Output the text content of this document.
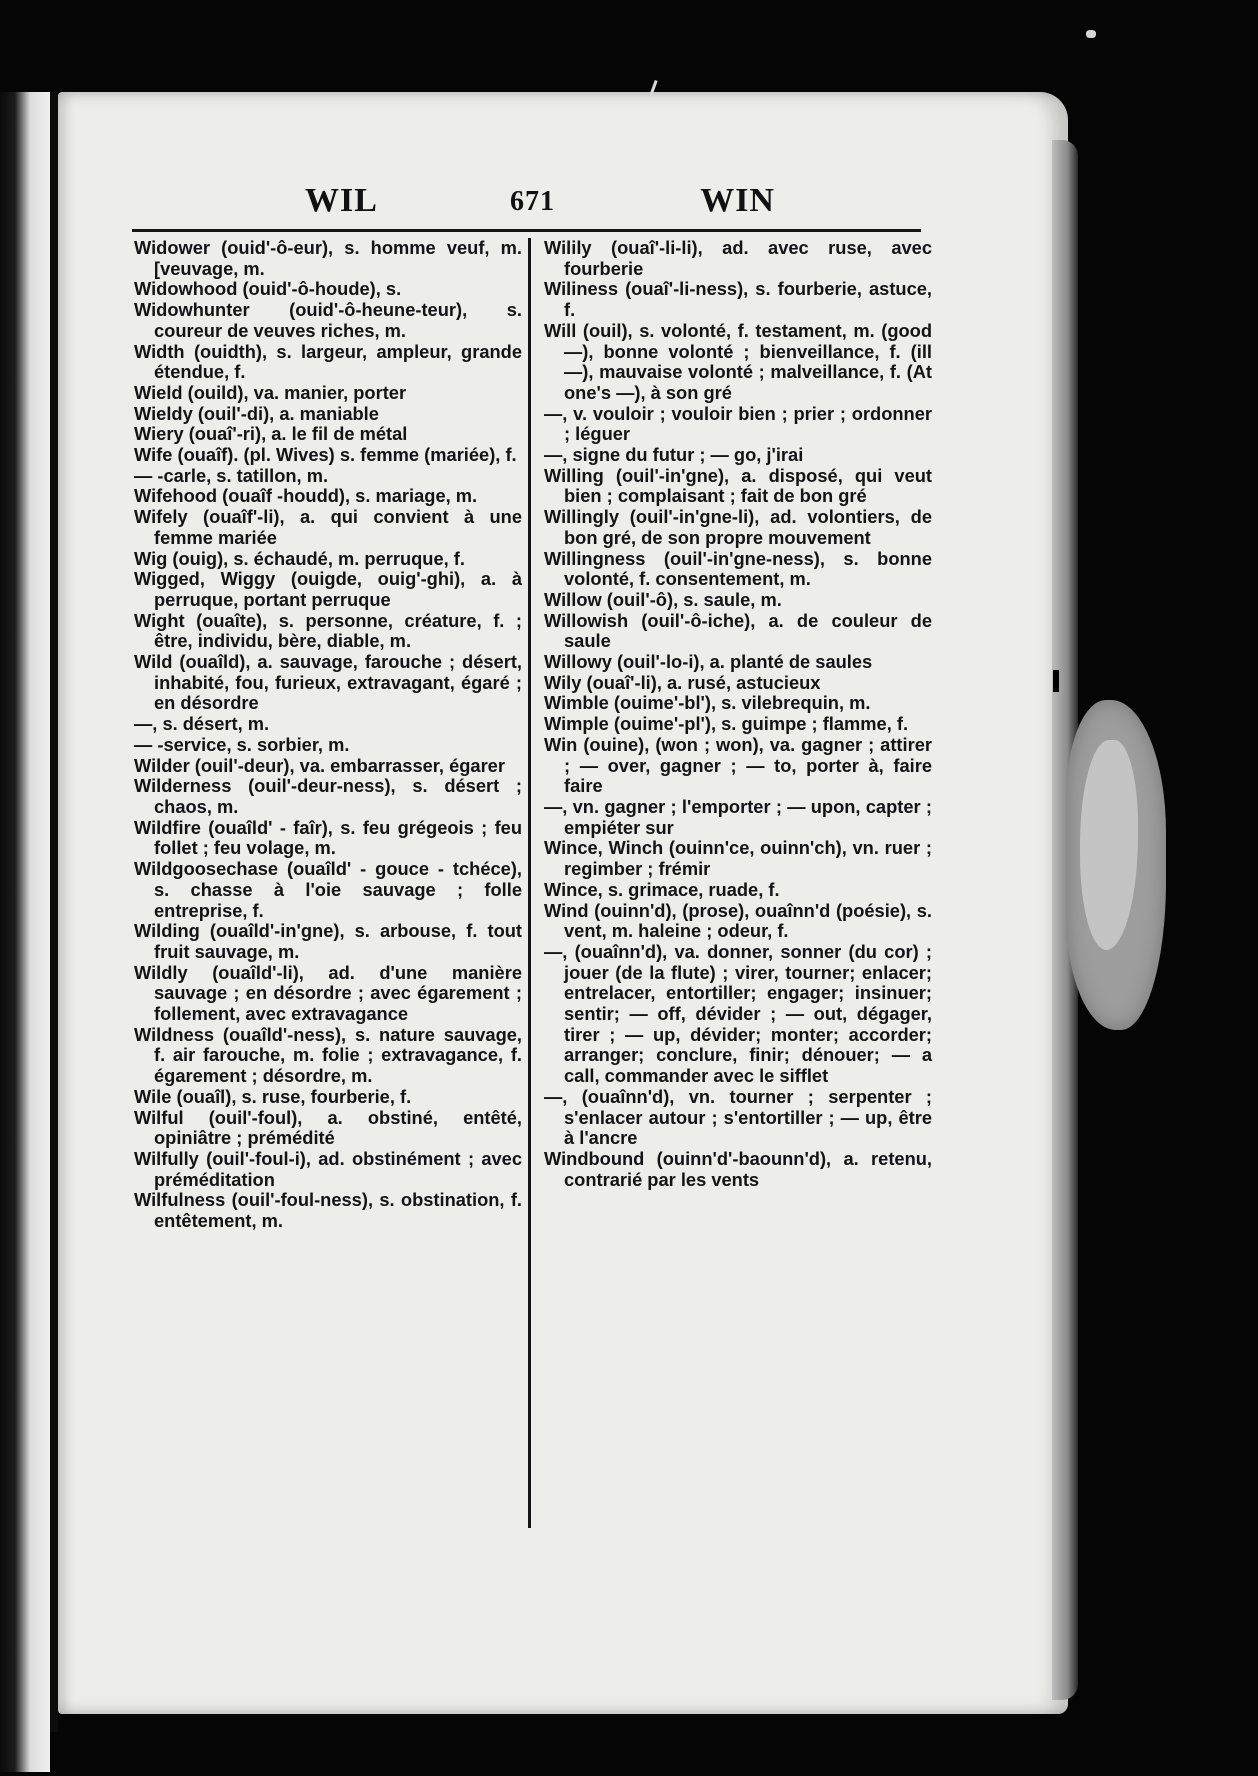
WIL	671	WIN

Widower (ouid'-ô-eur), s. homme veuf, m. [veuvage, m.

Widowhood (ouid'-ô-houde), s.

Widowhunter (ouid'-ô-heune-teur), s. coureur de veuves riches, m.

Width (ouidth), s. largeur, ampleur, grande étendue, f.

Wield (ouild), va. manier, porter

Wieldy (ouil'-di), a. maniable

Wiery (ouaî'-ri), a. le fil de métal

Wife (ouaîf). (pl. Wives) s. femme (mariée), f.

— -carle, s. tatillon, m.

Wifehood (ouaîf -houdd), s. mariage, m.

Wifely (ouaîf'-li), a. qui convient à une femme mariée

Wig (ouig), s. échaudé, m. perruque, f.

Wigged, Wiggy (ouigde, ouig'-ghi), a. à perruque, portant perruque

Wight (ouaîte), s. personne, créature, f. ; être, individu, bère, diable, m.

Wild (ouaîld), a. sauvage, farouche ; désert, inhabité, fou, furieux, extravagant, égaré ; en désordre

—, s. désert, m.

— -service, s. sorbier, m.

Wilder (ouil'-deur), va. embarrasser, égarer

Wilderness (ouil'-deur-ness), s. désert ; chaos, m.

Wildfire (ouaîld' - faîr), s. feu grégeois ; feu follet ; feu volage, m.

Wildgoosechase (ouaîld' - gouce - tchéce), s. chasse à l'oie sauvage ; folle entreprise, f.

Wilding (ouaîld'-in'gne), s. arbouse, f. tout fruit sauvage, m.

Wildly (ouaîld'-li), ad. d'une manière sauvage ; en désordre ; avec égarement ; follement, avec extravagance

Wildness (ouaîld'-ness), s. nature sauvage, f. air farouche, m. folie ; extravagance, f. égarement ; désordre, m.

Wile (ouaîl), s. ruse, fourberie, f.

Wilful (ouil'-foul), a. obstiné, entêté, opiniâtre ; prémédité

Wilfully (ouil'-foul-i), ad. obstinément ; avec préméditation

Wilfulness (ouil'-foul-ness), s. obstination, f. entêtement, m.

Wilily (ouaî'-li-li), ad. avec ruse, avec fourberie

Wiliness (ouaî'-li-ness), s. fourberie, astuce, f.

Will (ouil), s. volonté, f. testament, m. (good —), bonne volonté ; bienveillance, f. (ill —), mauvaise volonté ; malveillance, f. (At one's —), à son gré

—, v. vouloir ; vouloir bien ; prier ; ordonner ; léguer

—, signe du futur ; — go, j'irai

Willing (ouil'-in'gne), a. disposé, qui veut bien ; complaisant ; fait de bon gré

Willingly (ouil'-in'gne-li), ad. volontiers, de bon gré, de son propre mouvement

Willingness (ouil'-in'gne-ness), s. bonne volonté, f. consentement, m.

Willow (ouil'-ô), s. saule, m.

Willowish (ouil'-ô-iche), a. de couleur de saule

Willowy (ouil'-lo-i), a. planté de saules

Wily (ouaî'-li), a. rusé, astucieux

Wimble (ouime'-bl'), s. vilebrequin, m.

Wimple (ouime'-pl'), s. guimpe ; flamme, f.

Win (ouine), (won ; won), va. gagner ; attirer ; — over, gagner ; — to, porter à, faire faire

—, vn. gagner ; l'emporter ; — upon, capter ; empiéter sur

Wince, Winch (ouinn'ce, ouinn'ch), vn. ruer ; regimber ; frémir

Wince, s. grimace, ruade, f.

Wind (ouinn'd), (prose), ouaînn'd (poésie), s. vent, m. haleine ; odeur, f.

—, (ouaînn'd), va. donner, sonner (du cor) ; jouer (de la flute) ; virer, tourner; enlacer; entrelacer, entortiller; engager; insinuer; sentir; — off, dévider ; — out, dégager, tirer ; — up, dévider; monter; accorder; arranger; conclure, finir; dénouer; — a call, commander avec le sifflet

—, (ouaînn'd), vn. tourner ; serpenter ; s'enlacer autour ; s'entortiller ; — up, être à l'ancre

Windbound (ouinn'd'-baounn'd), a. retenu, contrarié par les vents
